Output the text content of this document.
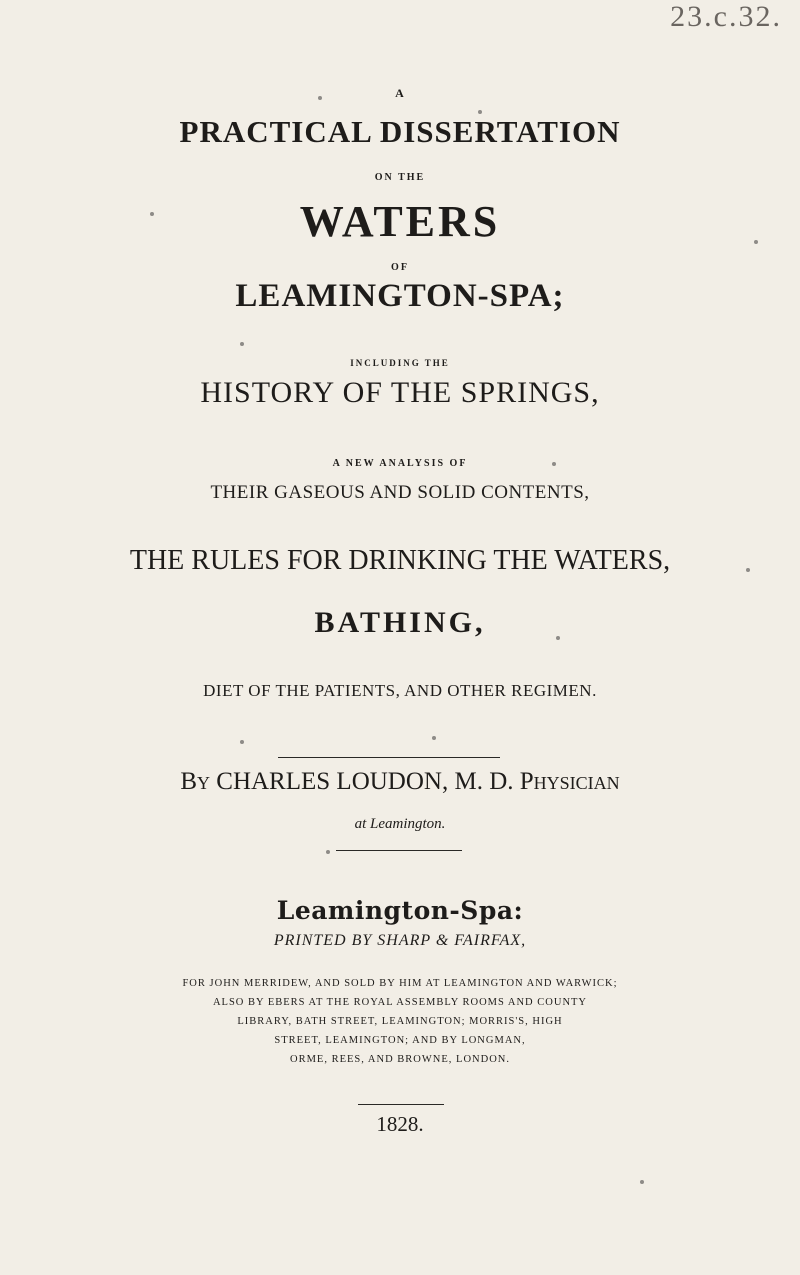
23.c.32.
A
PRACTICAL DISSERTATION
ON THE
WATERS
OF
LEAMINGTON-SPA;
INCLUDING THE
HISTORY OF THE SPRINGS,
A NEW ANALYSIS OF
THEIR GASEOUS AND SOLID CONTENTS,
THE RULES FOR DRINKING THE WATERS,
BATHING,
DIET OF THE PATIENTS, AND OTHER REGIMEN.
By CHARLES LOUDON, M. D. Physician
at Leamington.
Leamington-Spa:
PRINTED BY SHARP & FAIRFAX,
FOR JOHN MERRIDEW, AND SOLD BY HIM AT LEAMINGTON AND WARWICK;
ALSO BY EBERS AT THE ROYAL ASSEMBLY ROOMS AND COUNTY
LIBRARY, BATH STREET, LEAMINGTON; MORRIS'S, HIGH
STREET, LEAMINGTON; AND BY LONGMAN,
ORME, REES, AND BROWNE, LONDON.
1828.
